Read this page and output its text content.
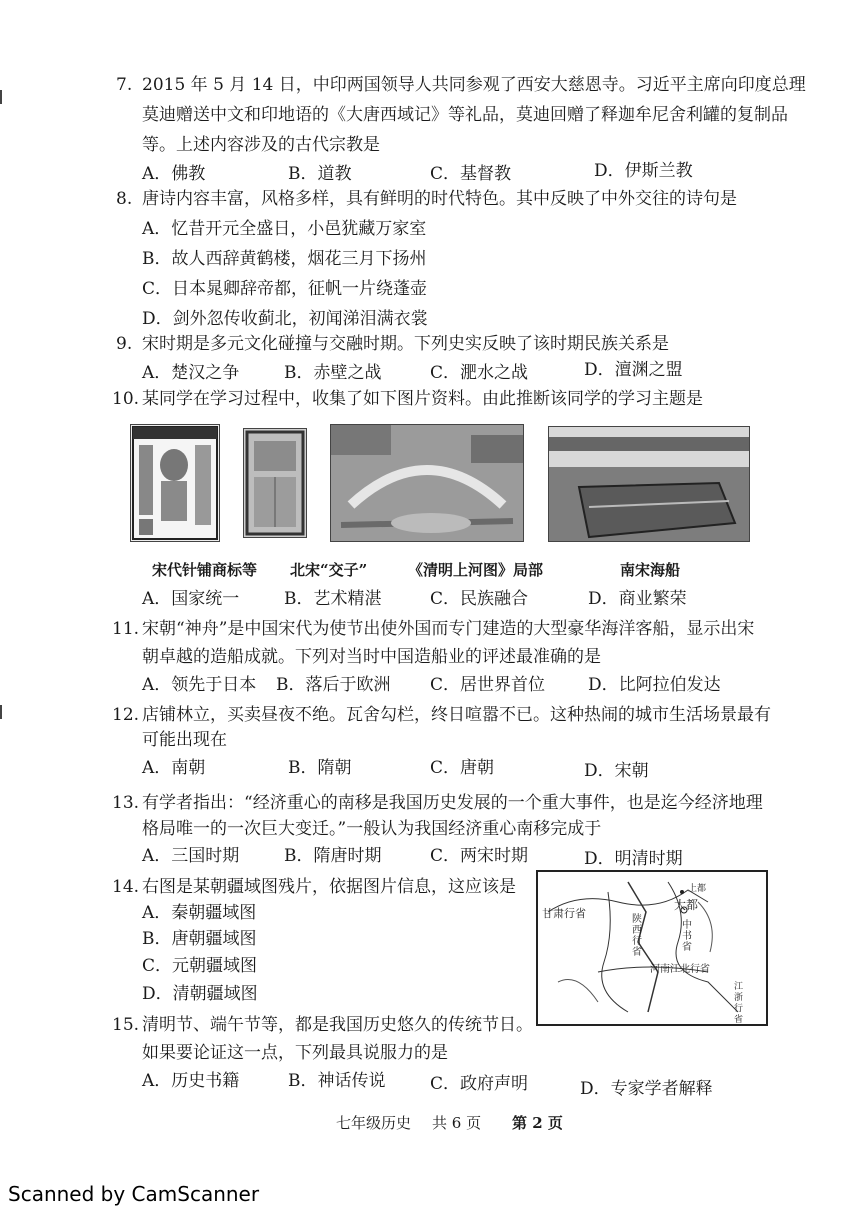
7. 2015 年 5 月 14 日，中印两国领导人共同参观了西安大慈恩寺。习近平主席向印度总理
莫迪赠送中文和印地语的《大唐西域记》等礼品，莫迪回赠了释迦牟尼舍利罐的复制品
等。上述内容涉及的古代宗教是
A．佛教	B．道教	C．基督教	D．伊斯兰教
8. 唐诗内容丰富，风格多样，具有鲜明的时代特色。其中反映了中外交往的诗句是
A．忆昔开元全盛日，小邑犹藏万家室
B．故人西辞黄鹤楼，烟花三月下扬州
C．日本晁卿辞帝都，征帆一片绕蓬壶
D．剑外忽传收蓟北，初闻涕泪满衣裳
9. 宋时期是多元文化碰撞与交融时期。下列史实反映了该时期民族关系是
A．楚汉之争	B．赤壁之战	C．淝水之战	D．澶渊之盟
10. 某同学在学习过程中，收集了如下图片资料。由此推断该同学的学习主题是
宋代针铺商标等 北宋“交子”	《清明上河图》局部	南宋海船
A．国家统一	B．艺术精湛	C．民族融合	D．商业繁荣
11. 宋朝“神舟”是中国宋代为使节出使外国而专门建造的大型豪华海洋客船，显示出宋
朝卓越的造船成就。下列对当时中国造船业的评述最准确的是
A．领先于日本 B．落后于欧洲 C．居世界首位	D．比阿拉伯发达
12. 店铺林立，买卖昼夜不绝。瓦舍勾栏，终日喧嚣不已。这种热闹的城市生活场景最有
可能出现在
A．南朝	B．隋朝	C．唐朝	D．宋朝
13. 有学者指出：“经济重心的南移是我国历史发展的一个重大事件，也是迄今经济地理
格局唯一的一次巨大变迁。”一般认为我国经济重心南移完成于
A．三国时期	B．隋唐时期	C．两宋时期	D．明清时期
14. 右图是某朝疆域图残片，依据图片信息，这应该是
A．秦朝疆域图
B．唐朝疆域图
C．元朝疆域图
D．清朝疆域图
甘肃行省
中书省
上都
大都
陕西行省
河南江北行省
江浙行省
15. 清明节、端午节等，都是我国历史悠久的传统节日。
如果要论证这一点，下列最具说服力的是
A．历史书籍	B．神话传说	C．政府声明	D．专家学者解释
七年级历史 共 6 页 第 2 页
Scanned by CamScanner
